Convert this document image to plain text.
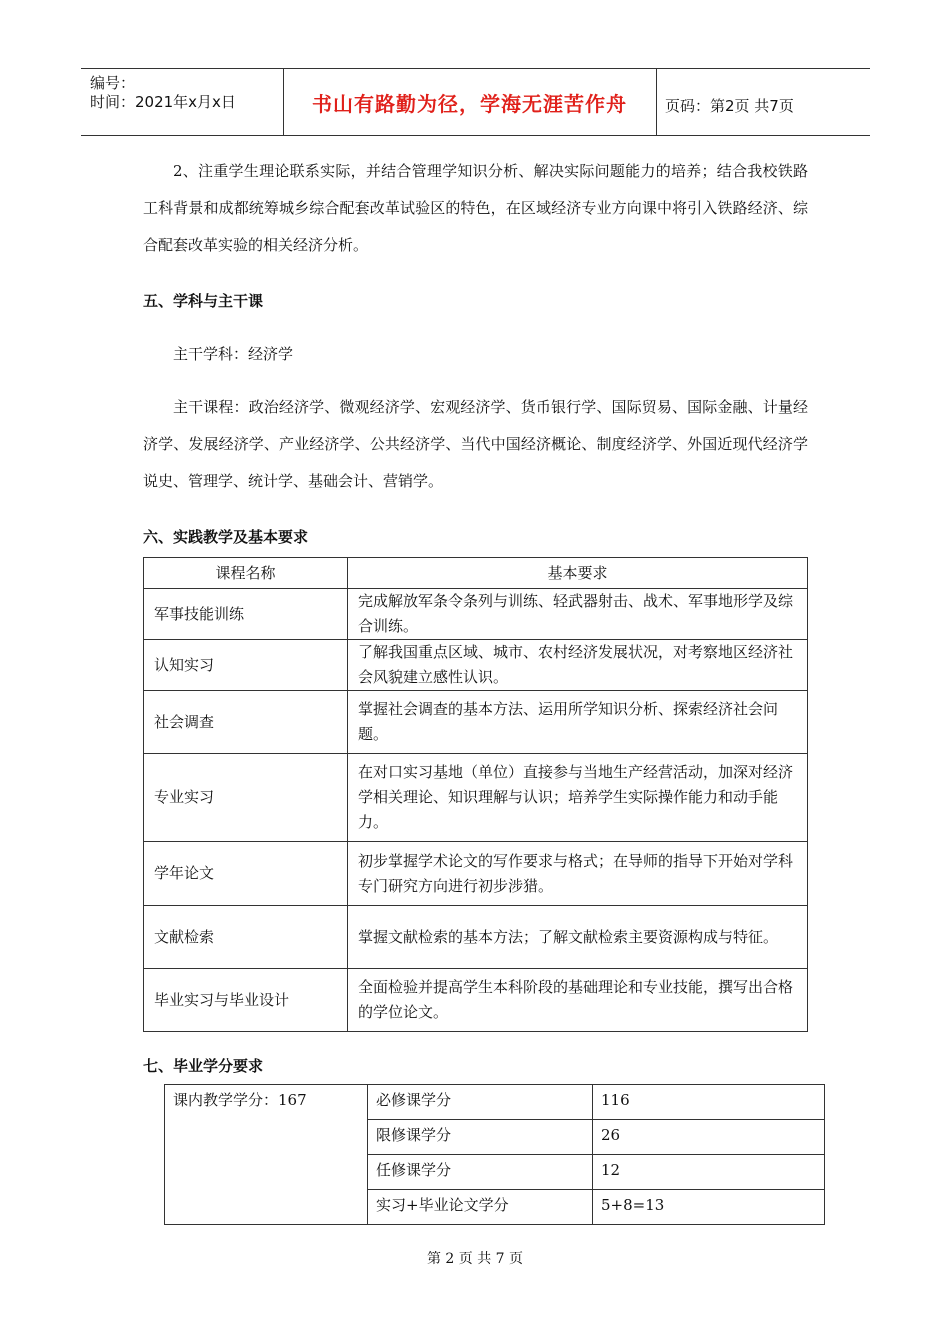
编号：
时间：2021年x月x日	书山有路勤为径，学海无涯苦作舟	页码：第2页 共7页

2、注重学生理论联系实际，并结合管理学知识分析、解决实际问题能力的培养；结合我校铁路工科背景和成都统筹城乡综合配套改革试验区的特色，在区域经济专业方向课中将引入铁路经济、综合配套改革实验的相关经济分析。

五、学科与主干课

主干学科：经济学

主干课程：政治经济学、微观经济学、宏观经济学、货币银行学、国际贸易、国际金融、计量经济学、发展经济学、产业经济学、公共经济学、当代中国经济概论、制度经济学、外国近现代经济学说史、管理学、统计学、基础会计、营销学。

六、实践教学及基本要求
课程名称	基本要求
军事技能训练	完成解放军条令条列与训练、轻武器射击、战术、军事地形学及综合训练。
认知实习	了解我国重点区域、城市、农村经济发展状况，对考察地区经济社会风貌建立感性认识。
社会调查	掌握社会调查的基本方法、运用所学知识分析、探索经济社会问题。
专业实习	在对口实习基地（单位）直接参与当地生产经营活动，加深对经济学相关理论、知识理解与认识；培养学生实际操作能力和动手能力。
学年论文	初步掌握学术论文的写作要求与格式；在导师的指导下开始对学科专门研究方向进行初步涉猎。
文献检索	掌握文献检索的基本方法；了解文献检索主要资源构成与特征。
毕业实习与毕业设计	全面检验并提高学生本科阶段的基础理论和专业技能，撰写出合格的学位论文。
七、毕业学分要求
课内教学学分：167	必修课学分	116
	限修课学分	26
	任修课学分	12
	实习+毕业论文学分	5+8=13
第 2 页 共 7 页
